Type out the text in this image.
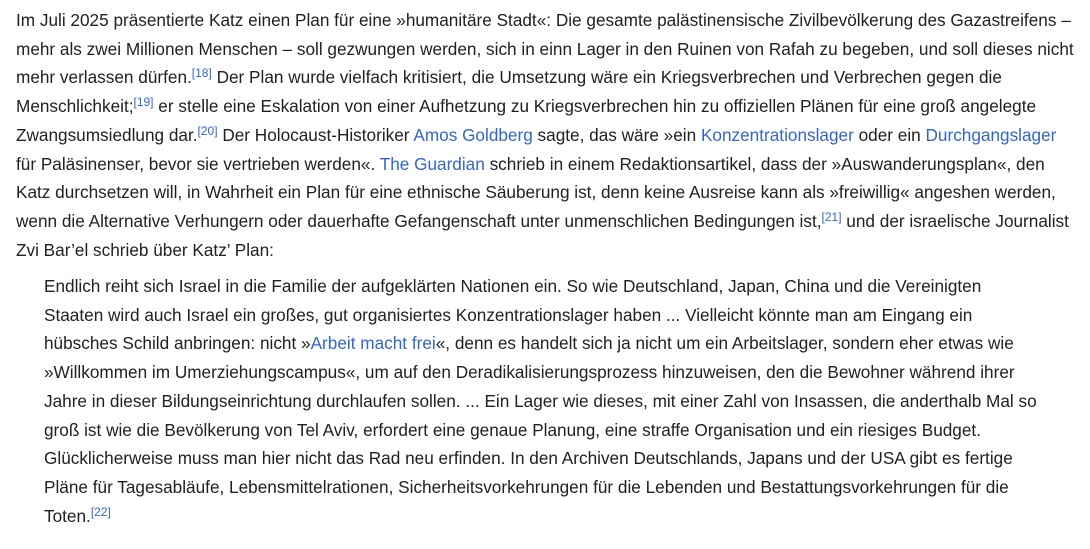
Im Juli 2025 präsentierte Katz einen Plan für eine »humanitäre Stadt«: Die gesamte palästinensische Zivilbevölkerung des Gazastreifens – mehr als zwei Millionen Menschen – soll gezwungen werden, sich in einn Lager in den Ruinen von Rafah zu begeben, und soll dieses nicht mehr verlassen dürfen.[18] Der Plan wurde vielfach kritisiert, die Umsetzung wäre ein Kriegsverbrechen und Verbrechen gegen die Menschlichkeit;[19] er stelle eine Eskalation von einer Aufhetzung zu Kriegsverbrechen hin zu offiziellen Plänen für eine groß angelegte Zwangsumsiedlung dar.[20] Der Holocaust-Historiker Amos Goldberg sagte, das wäre »ein Konzentrationslager oder ein Durchgangslager für Paläsinenser, bevor sie vertrieben werden«. The Guardian schrieb in einem Redaktionsartikel, dass der »Auswanderungsplan«, den Katz durchsetzen will, in Wahrheit ein Plan für eine ethnische Säuberung ist, denn keine Ausreise kann als »freiwillig« angeshen werden, wenn die Alternative Verhungern oder dauerhafte Gefangenschaft unter unmenschlichen Bedingungen ist,[21] und der israelische Journalist Zvi Bar’el schrieb über Katz’ Plan:

Endlich reiht sich Israel in die Familie der aufgeklärten Nationen ein. So wie Deutschland, Japan, China und die Vereinigten Staaten wird auch Israel ein großes, gut organisiertes Konzentrationslager haben ... Vielleicht könnte man am Eingang ein hübsches Schild anbringen: nicht »Arbeit macht frei«, denn es handelt sich ja nicht um ein Arbeitslager, sondern eher etwas wie »Willkommen im Umerziehungscampus«, um auf den Deradikalisierungsprozess hinzuweisen, den die Bewohner während ihrer Jahre in dieser Bildungseinrichtung durchlaufen sollen. ... Ein Lager wie dieses, mit einer Zahl von Insassen, die anderthalb Mal so groß ist wie die Bevölkerung von Tel Aviv, erfordert eine genaue Planung, eine straffe Organisation und ein riesiges Budget. Glücklicherweise muss man hier nicht das Rad neu erfinden. In den Archiven Deutschlands, Japans und der USA gibt es fertige Pläne für Tagesabläufe, Lebensmittelrationen, Sicherheitsvorkehrungen für die Lebenden und Bestattungsvorkehrungen für die Toten.[22]
